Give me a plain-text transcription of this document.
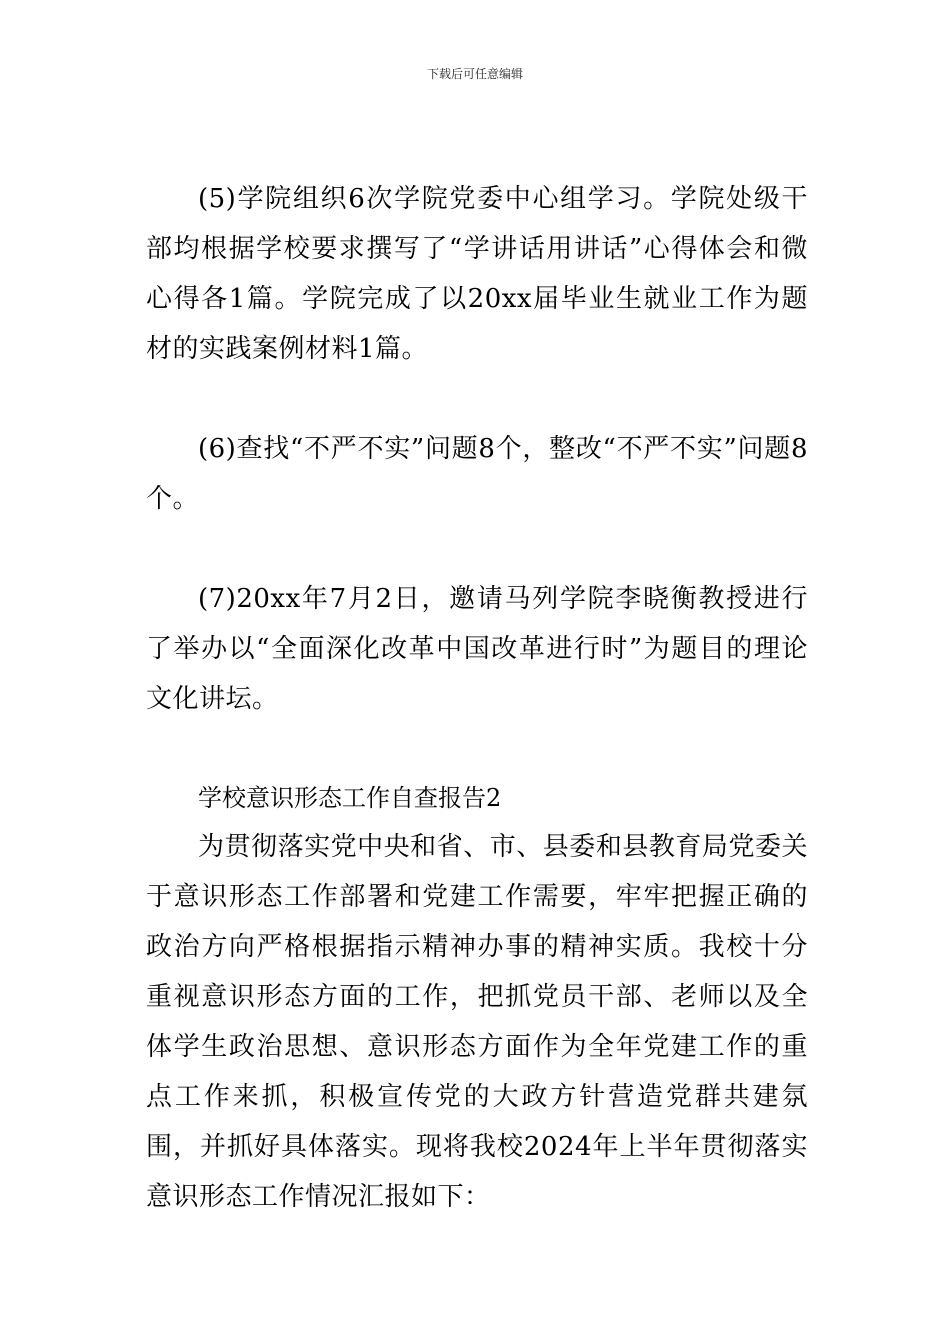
下载后可任意编辑

(5)学院组织6次学院党委中心组学习。学院处级干部均根据学校要求撰写了“学讲话用讲话”心得体会和微心得各1篇。学院完成了以20xx届毕业生就业工作为题材的实践案例材料1篇。

(6)查找“不严不实”问题8个，整改“不严不实”问题8个。

(7)20xx年7月2日，邀请马列学院李晓衡教授进行了举办以“全面深化改革中国改革进行时”为题目的理论文化讲坛。

学校意识形态工作自查报告2

为贯彻落实党中央和省、市、县委和县教育局党委关于意识形态工作部署和党建工作需要，牢牢把握正确的政治方向严格根据指示精神办事的精神实质。我校十分重视意识形态方面的工作，把抓党员干部、老师以及全体学生政治思想、意识形态方面作为全年党建工作的重点工作来抓，积极宣传党的大政方针营造党群共建氛围，并抓好具体落实。现将我校2024年上半年贯彻落实意识形态工作情况汇报如下：
